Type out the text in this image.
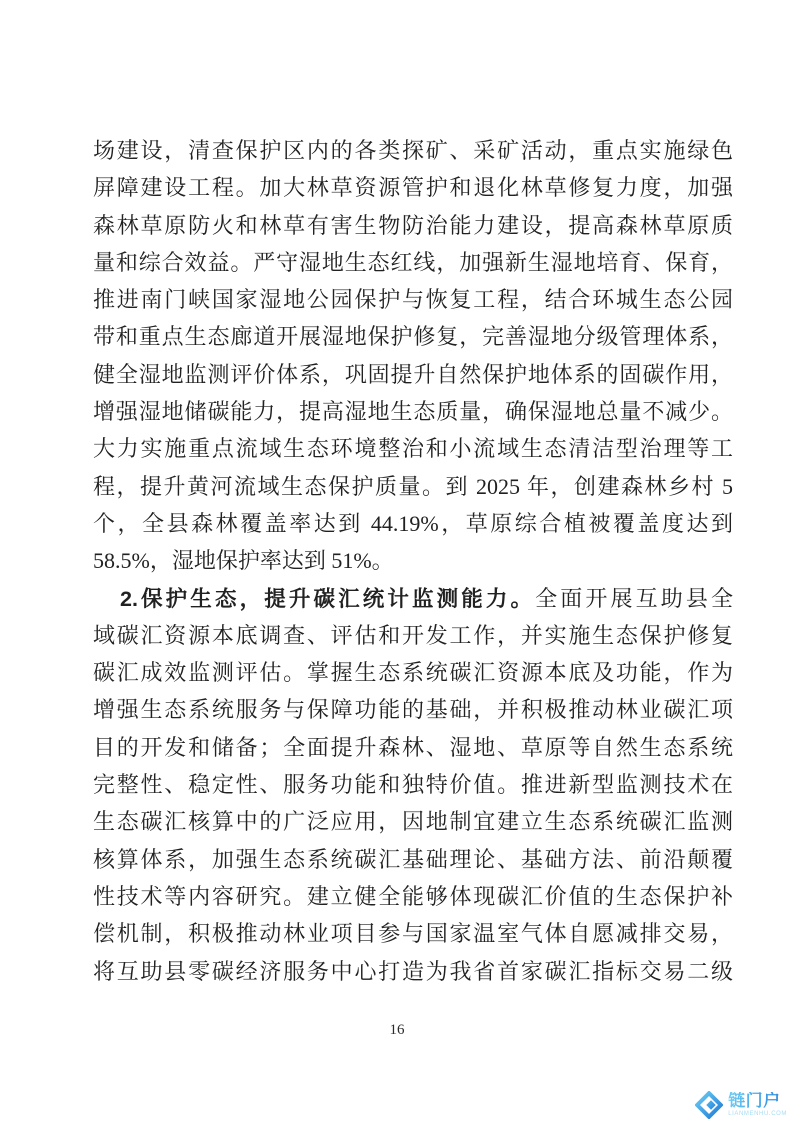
场建设，清查保护区内的各类探矿、采矿活动，重点实施绿色
屏障建设工程。加大林草资源管护和退化林草修复力度，加强
森林草原防火和林草有害生物防治能力建设，提高森林草原质
量和综合效益。严守湿地生态红线，加强新生湿地培育、保育，
推进南门峡国家湿地公园保护与恢复工程，结合环城生态公园
带和重点生态廊道开展湿地保护修复，完善湿地分级管理体系，
健全湿地监测评价体系，巩固提升自然保护地体系的固碳作用，
增强湿地储碳能力，提高湿地生态质量，确保湿地总量不减少。
大力实施重点流域生态环境整治和小流域生态清洁型治理等工
程，提升黄河流域生态保护质量。到 2025 年，创建森林乡村 5
个，全县森林覆盖率达到 44.19%，草原综合植被覆盖度达到
58.5%，湿地保护率达到 51%。
2.保护生态，提升碳汇统计监测能力。全面开展互助县全
域碳汇资源本底调查、评估和开发工作，并实施生态保护修复
碳汇成效监测评估。掌握生态系统碳汇资源本底及功能，作为
增强生态系统服务与保障功能的基础，并积极推动林业碳汇项
目的开发和储备；全面提升森林、湿地、草原等自然生态系统
完整性、稳定性、服务功能和独特价值。推进新型监测技术在
生态碳汇核算中的广泛应用，因地制宜建立生态系统碳汇监测
核算体系，加强生态系统碳汇基础理论、基础方法、前沿颠覆
性技术等内容研究。建立健全能够体现碳汇价值的生态保护补
偿机制，积极推动林业项目参与国家温室气体自愿减排交易，
将互助县零碳经济服务中心打造为我省首家碳汇指标交易二级
16
链门户
LIANMENHU.COM
